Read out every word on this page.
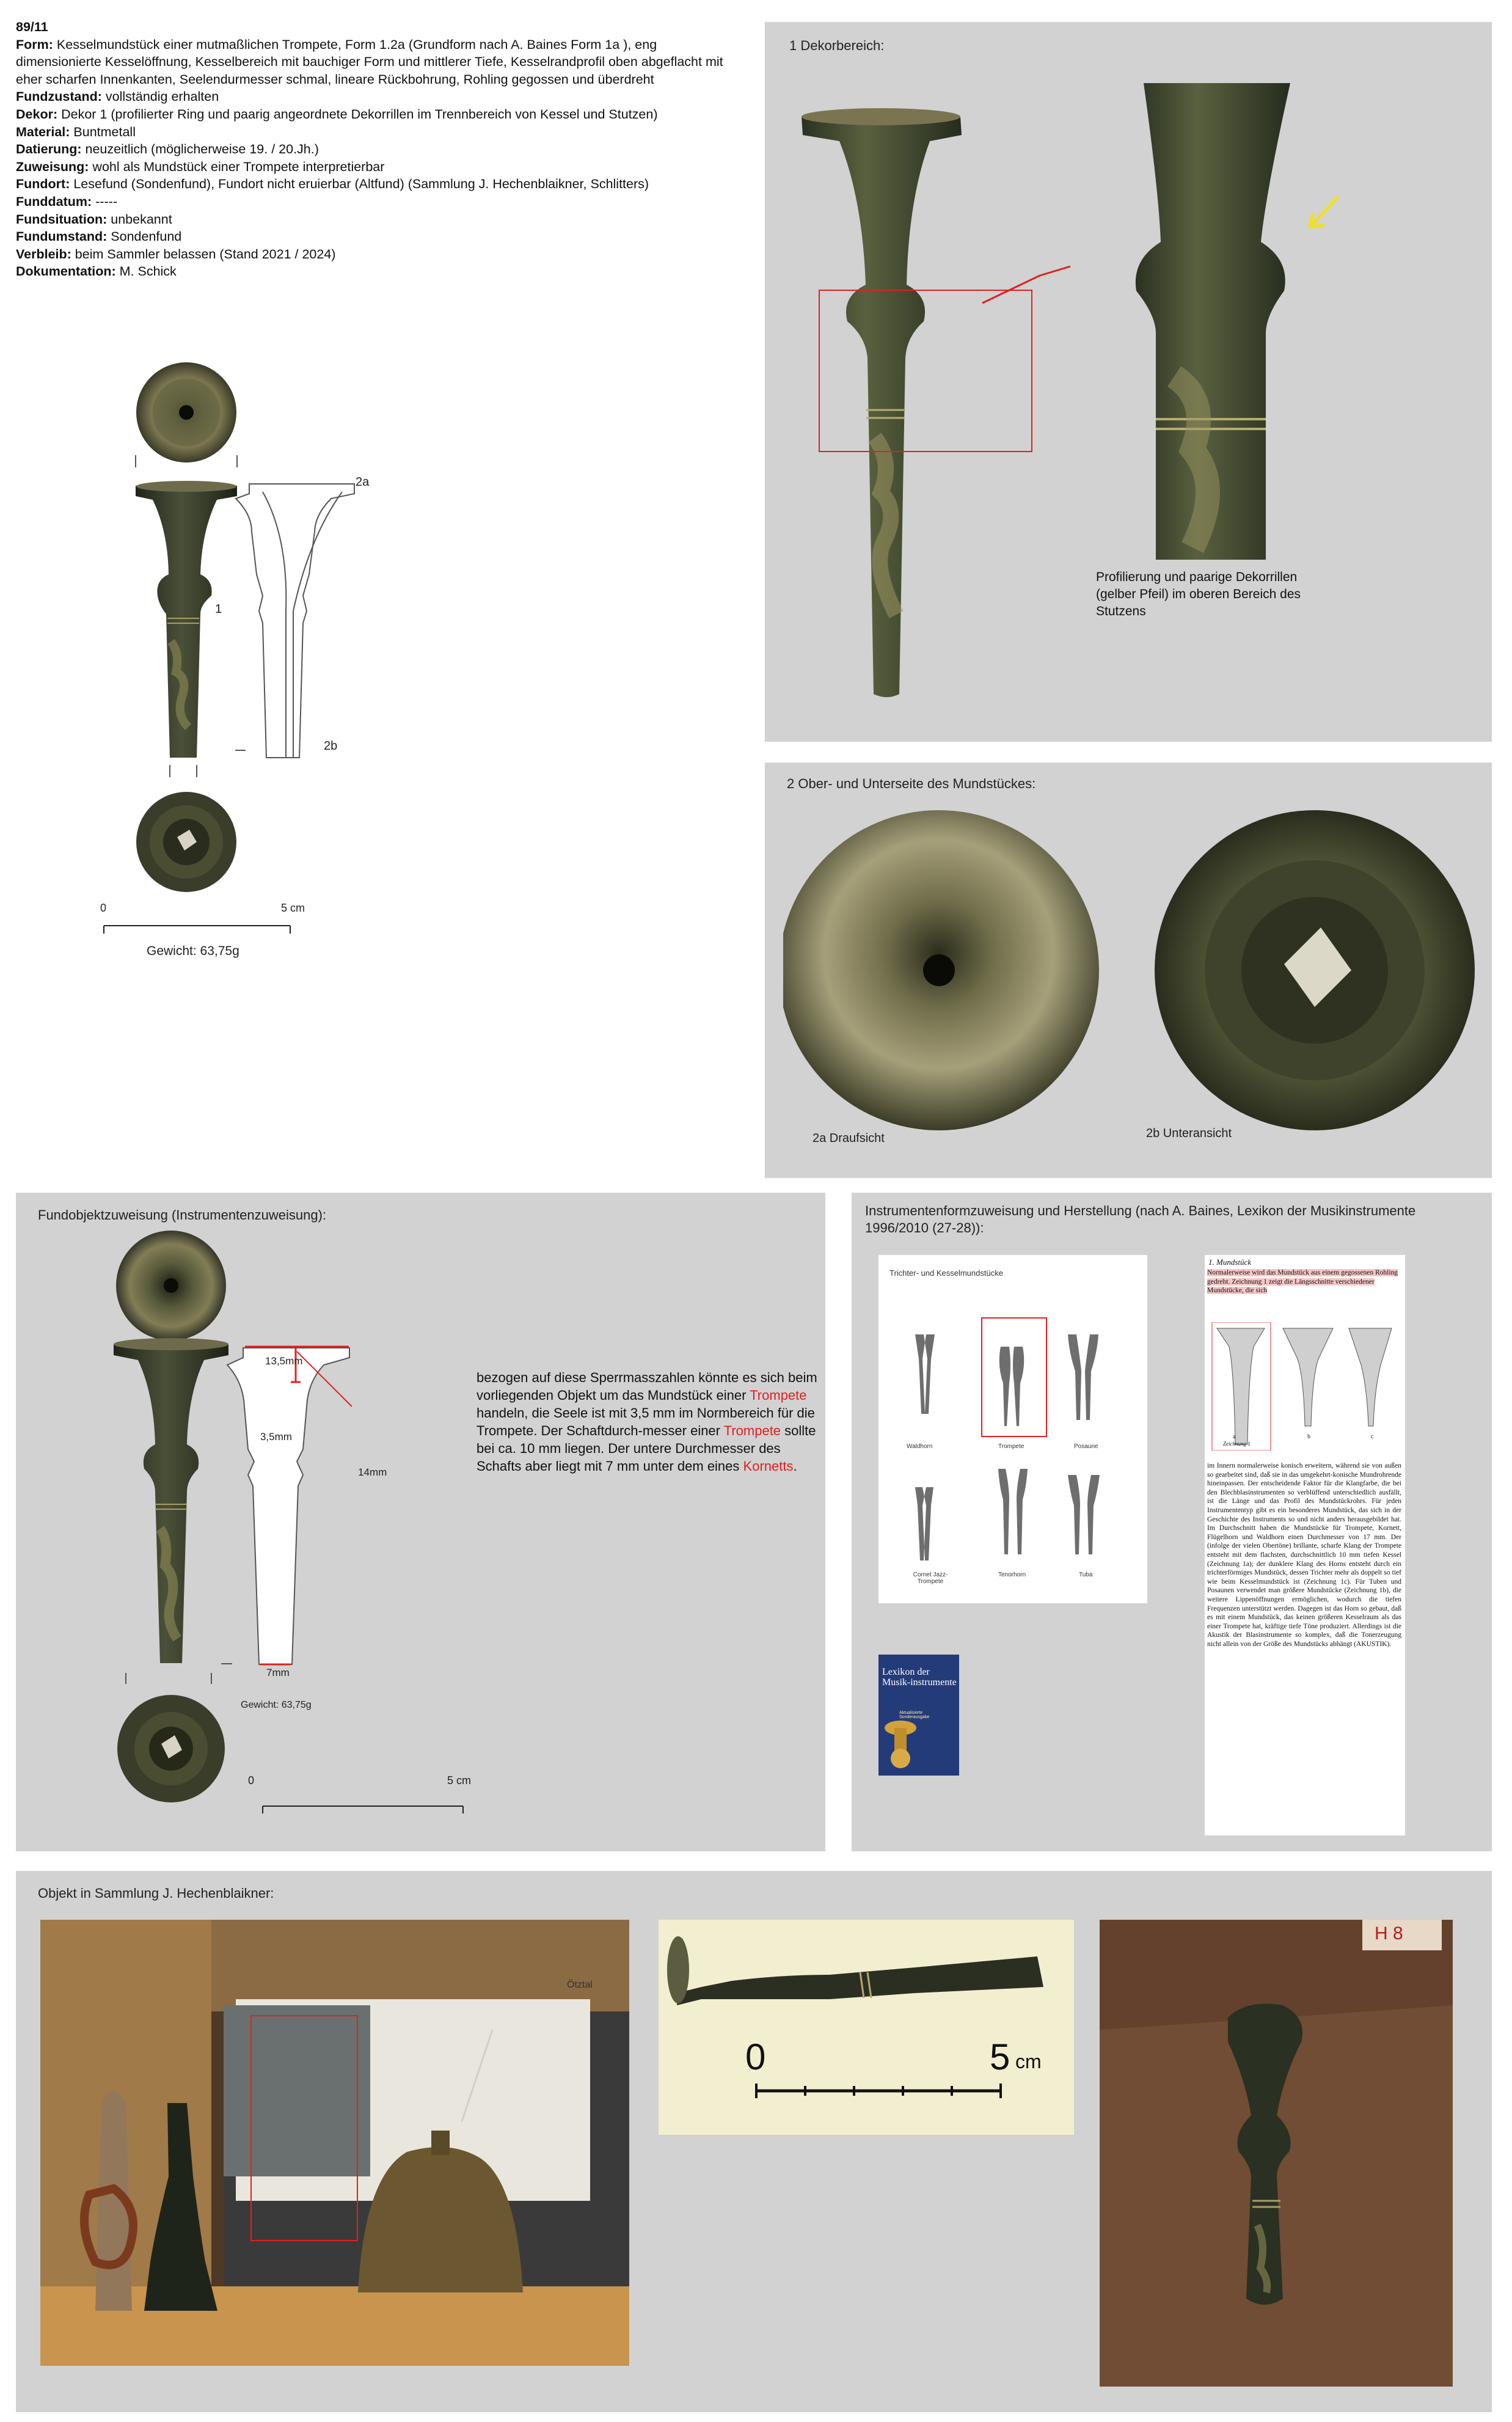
89/11

Form: Kesselmundstück einer mutmaßlichen Trompete, Form 1.2a (Grundform nach A. Baines Form 1a ), eng dimensionierte Kesselöffnung, Kesselbereich mit bauchiger Form und mittlerer Tiefe, Kesselrandprofil oben abgeflacht mit eher scharfen Innenkanten, Seelendurmesser schmal, lineare Rückbohrung, Rohling gegossen und überdreht

Fundzustand: vollständig erhalten

Dekor: Dekor 1 (profilierter Ring und paarig angeordnete Dekorrillen im Trennbereich von Kessel und Stutzen)

Material: Buntmetall

Datierung: neuzeitlich (möglicherweise 19. / 20.Jh.)

Zuweisung: wohl als Mundstück einer Trompete interpretierbar

Fundort: Lesefund (Sondenfund), Fundort nicht eruierbar (Altfund) (Sammlung J. Hechenblaikner, Schlitters)

Funddatum: -----

Fundsituation: unbekannt

Fundumstand: Sondenfund

Verbleib: beim Sammler belassen (Stand 2021 / 2024)

Dokumentation: M. Schick

2a
1
2b
0	5 cm
Gewicht: 63,75g
1 Dekorbereich:
Profilierung und paarige Dekorrillen (gelber Pfeil) im oberen Bereich des Stutzens
2 Ober- und Unterseite des Mundstückes:
2a Draufsicht	2b Unteransicht
Fundobjektzuweisung (Instrumentenzuweisung):
13,5mm
3,5mm
14mm
7mm
Gewicht: 63,75g
0	5 cm
bezogen auf diese Sperrmasszahlen könnte es sich beim vorliegenden Objekt um das Mundstück einer Trompete handeln, die Seele ist mit 3,5 mm im Normbereich für die Trompete. Der Schaftdurch-messer einer Trompete sollte bei ca. 10 mm liegen. Der untere Durchmesser des Schafts aber liegt mit 7 mm unter dem eines Kornetts.
Instrumentenformzuweisung und Herstellung (nach A. Baines, Lexikon der Musikinstrumente 1996/2010 (27-28)):
Trichter- und Kesselmundstücke
Waldhorn	Trompete	Posaune
Cornet Jazz-Trompete
Tenorhorn	Tuba
Lexikon der Musik-instrumente
Aktualisierte Sonderausgabe
1. Mundstück
Normalerweise wird das Mundstück aus einem gegossenen Rohling gedreht. Zeichnung 1 zeigt die Längsschnitte verschiedener Mundstücke, die sich
a	b	c
Zeichnung 1
im Innern normalerweise konisch erweitern, während sie von außen so gearbeitet sind, daß sie in das umgekehrt-konische Mundrohrende hineinpassen. Der entscheidende Faktor für die Klangfarbe, die bei den Blechblasinstrumenten so verblüffend unterschiedlich ausfällt, ist die Länge und das Profil des Mundstückrohrs. Für jeden Instrumententyp gibt es ein besonderes Mundstück, das sich in der Geschichte des Instruments so und nicht anders herausgebildet hat. Im Durchschnitt haben die Mundstücke für Trompete, Kornett, Flügelhorn und Waldhorn einen Durchmesser von 17 mm. Der (infolge der vielen Obertöne) brillante, scharfe Klang der Trompete entsteht mit dem flachsten, durchschnittlich 10 mm tiefen Kessel (Zeichnung 1a); der dunklere Klang des Horns entsteht durch ein trichterförmiges Mundstück, dessen Trichter mehr als doppelt so tief wie beim Kesselmundstück ist (Zeichnung 1c). Für Tuben und Posaunen verwendet man größere Mundstücke (Zeichnung 1b), die weitere Lippenöffnungen ermöglichen, wodurch die tiefen Frequenzen unterstützt werden. Dagegen ist das Horn so gebaut, daß es mit einem Mundstück, das keinen größeren Kesselraum als das einer Trompete hat, kräftige tiefe Töne produziert. Allerdings ist die Akustik der Blasinstrumente so komplex, daß die Tonerzeugung nicht allein von der Größe des Mundstücks abhängt (AKUSTIK).
Objekt in Sammlung J. Hechenblaikner:
Ötztal
0	5 cm
H 8
